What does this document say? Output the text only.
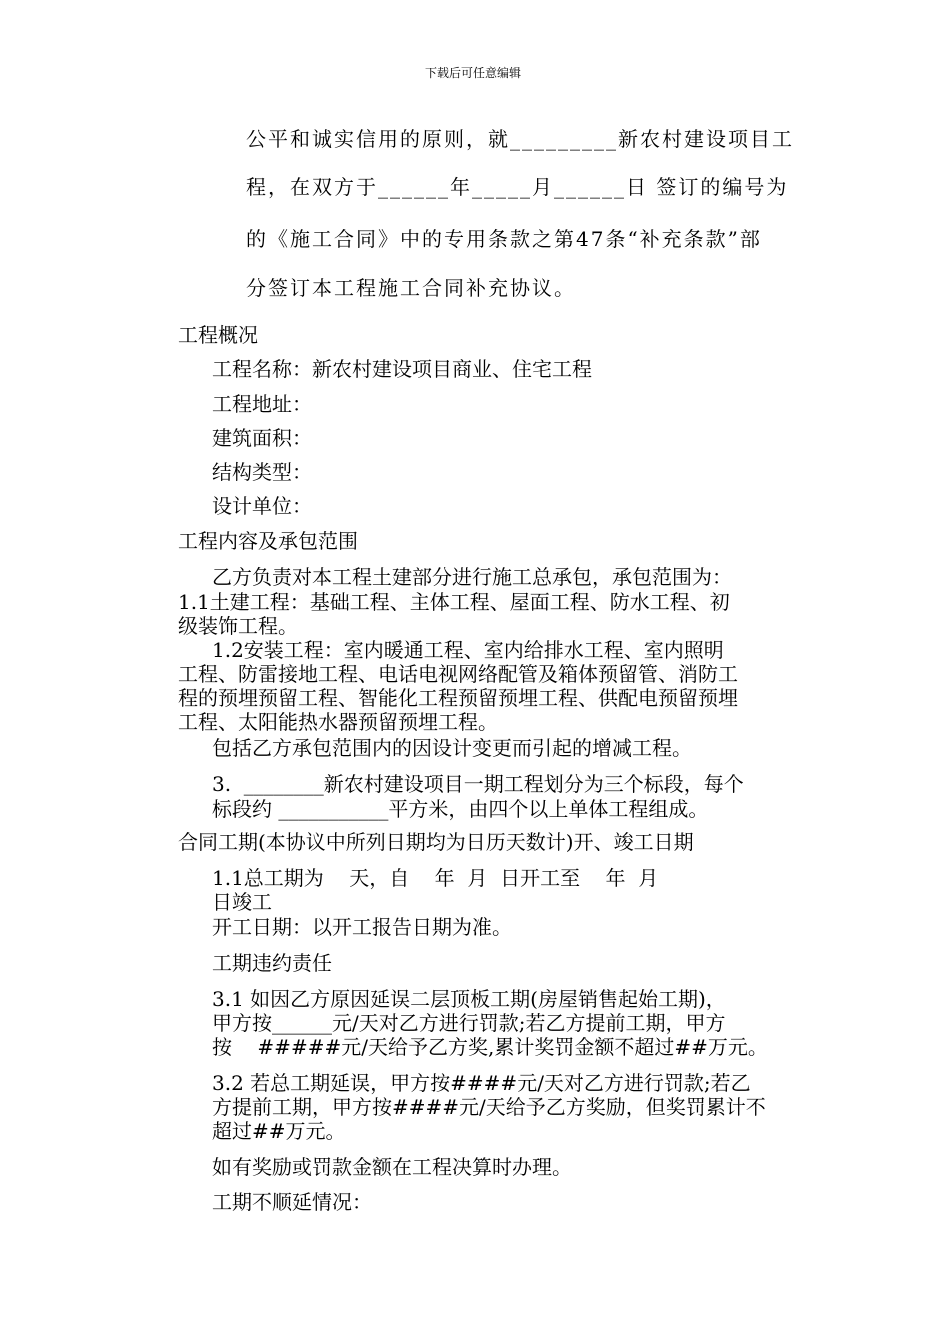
下载后可任意编辑
公平和诚实信用的原则，就_________新农村建设项目工
程，在双方于______年_____月______日 签订的编号为
的《施工合同》中的专用条款之第47条“补充条款”部
分签订本工程施工合同补充协议。
工程概况
工程名称：新农村建设项目商业、住宅工程
工程地址：
建筑面积：
结构类型：
设计单位：
工程内容及承包范围
乙方负责对本工程土建部分进行施工总承包，承包范围为：
1.1土建工程：基础工程、主体工程、屋面工程、防水工程、初
级装饰工程。
1.2安装工程：室内暖通工程、室内给排水工程、室内照明
工程、防雷接地工程、电话电视网络配管及箱体预留管、消防工
程的预埋预留工程、智能化工程预留预埋工程、供配电预留预埋
工程、太阳能热水器预留预埋工程。
包括乙方承包范围内的因设计变更而引起的增减工程。
3.  ________新农村建设项目一期工程划分为三个标段，每个
标段约 ___________平方米，由四个以上单体工程组成。
合同工期(本协议中所列日期均为日历天数计)开、竣工日期
1.1总工期为    天，自    年  月  日开工至    年  月
日竣工
开工日期：以开工报告日期为准。
工期违约责任
3.1 如因乙方原因延误二层顶板工期(房屋销售起始工期)，
甲方按______元/天对乙方进行罚款;若乙方提前工期，甲方
按    #####元/天给予乙方奖,累计奖罚金额不超过##万元。
3.2 若总工期延误，甲方按####元/天对乙方进行罚款;若乙
方提前工期，甲方按####元/天给予乙方奖励，但奖罚累计不
超过##万元。
如有奖励或罚款金额在工程决算时办理。
工期不顺延情况：
